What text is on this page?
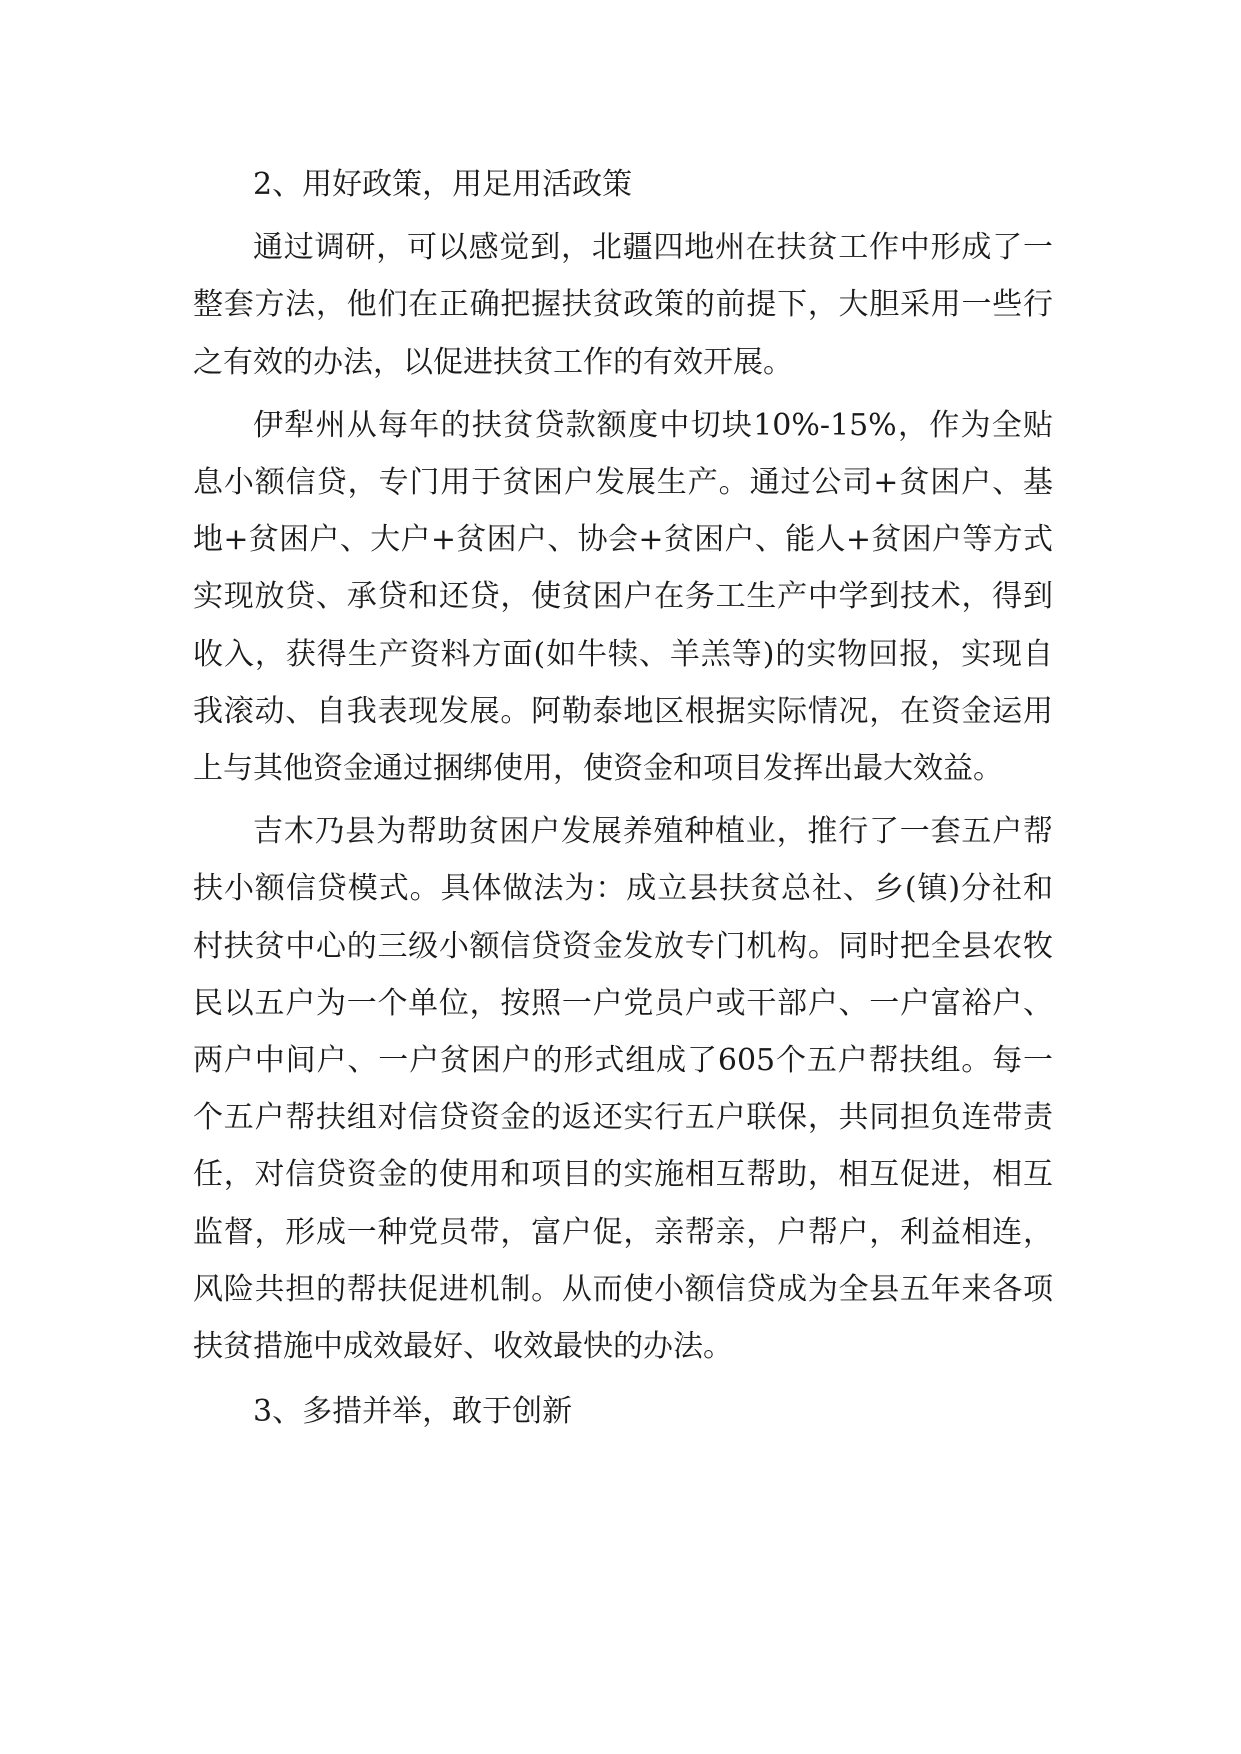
2、用好政策，用足用活政策

通过调研，可以感觉到，北疆四地州在扶贫工作中形成了一整套方法，他们在正确把握扶贫政策的前提下，大胆采用一些行之有效的办法，以促进扶贫工作的有效开展。

伊犁州从每年的扶贫贷款额度中切块10%-15%，作为全贴息小额信贷，专门用于贫困户发展生产。通过公司+贫困户、基地+贫困户、大户+贫困户、协会+贫困户、能人+贫困户等方式实现放贷、承贷和还贷，使贫困户在务工生产中学到技术，得到收入，获得生产资料方面(如牛犊、羊羔等)的实物回报，实现自我滚动、自我表现发展。阿勒泰地区根据实际情况，在资金运用上与其他资金通过捆绑使用，使资金和项目发挥出最大效益。

吉木乃县为帮助贫困户发展养殖种植业，推行了一套五户帮扶小额信贷模式。具体做法为：成立县扶贫总社、乡(镇)分社和村扶贫中心的三级小额信贷资金发放专门机构。同时把全县农牧民以五户为一个单位，按照一户党员户或干部户、一户富裕户、两户中间户、一户贫困户的形式组成了605个五户帮扶组。每一个五户帮扶组对信贷资金的返还实行五户联保，共同担负连带责任，对信贷资金的使用和项目的实施相互帮助，相互促进，相互监督，形成一种党员带，富户促，亲帮亲，户帮户，利益相连，风险共担的帮扶促进机制。从而使小额信贷成为全县五年来各项扶贫措施中成效最好、收效最快的办法。

3、多措并举，敢于创新
